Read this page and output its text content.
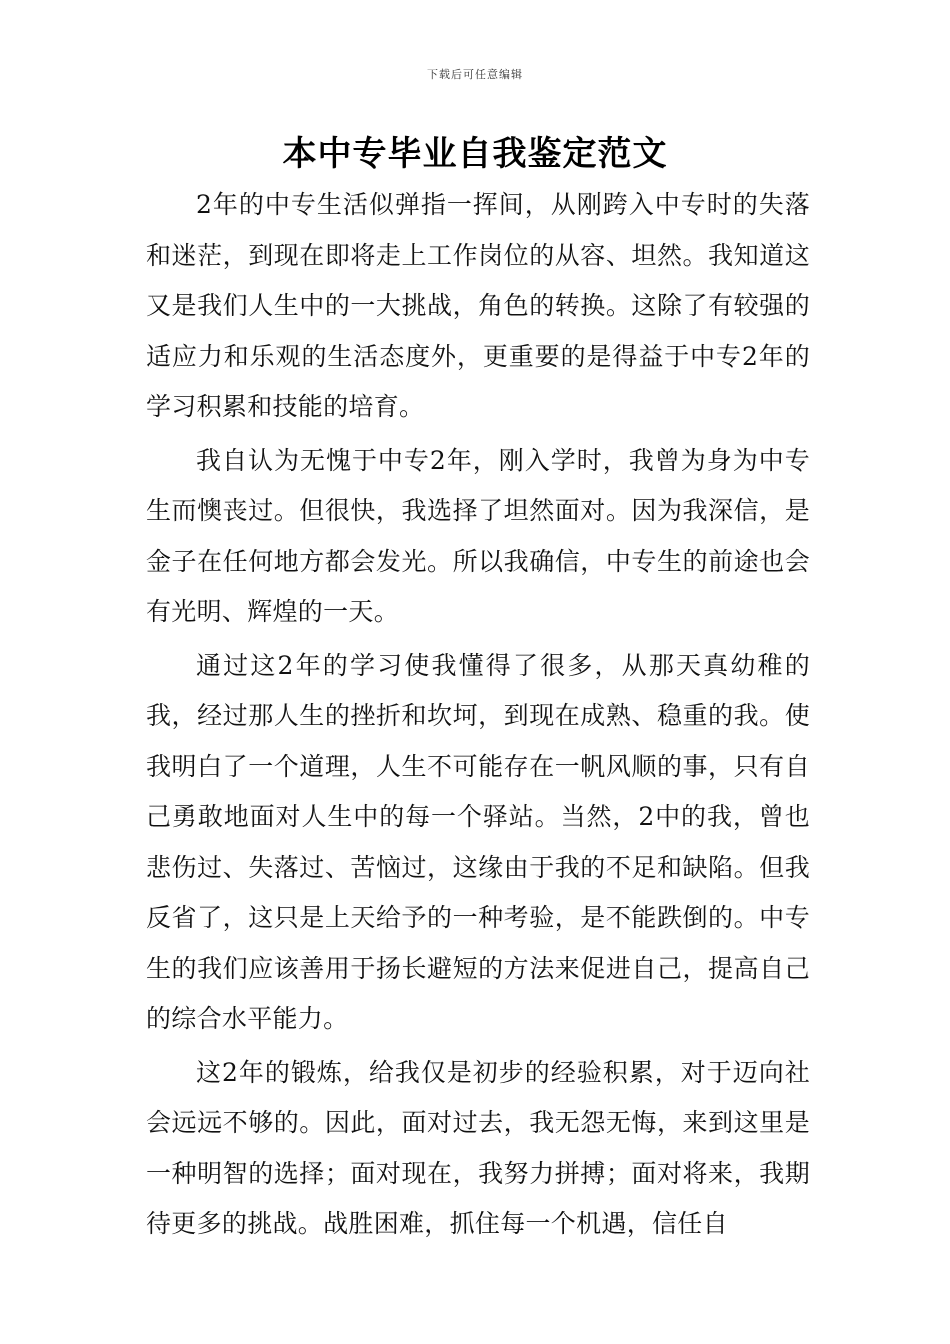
下载后可任意编辑
本中专毕业自我鉴定范文

2年的中专生活似弹指一挥间，从刚跨入中专时的失落和迷茫，到现在即将走上工作岗位的从容、坦然。我知道这又是我们人生中的一大挑战，角色的转换。这除了有较强的适应力和乐观的生活态度外，更重要的是得益于中专2年的学习积累和技能的培育。

我自认为无愧于中专2年，刚入学时，我曾为身为中专生而懊丧过。但很快，我选择了坦然面对。因为我深信，是金子在任何地方都会发光。所以我确信，中专生的前途也会有光明、辉煌的一天。

通过这2年的学习使我懂得了很多，从那天真幼稚的我，经过那人生的挫折和坎坷，到现在成熟、稳重的我。使我明白了一个道理，人生不可能存在一帆风顺的事，只有自己勇敢地面对人生中的每一个驿站。当然，2中的我，曾也悲伤过、失落过、苦恼过，这缘由于我的不足和缺陷。但我反省了，这只是上天给予的一种考验，是不能跌倒的。中专生的我们应该善用于扬长避短的方法来促进自己，提高自己的综合水平能力。

这2年的锻炼，给我仅是初步的经验积累，对于迈向社会远远不够的。因此，面对过去，我无怨无悔，来到这里是一种明智的选择；面对现在，我努力拼搏；面对将来，我期待更多的挑战。战胜困难，抓住每一个机遇，信任自
